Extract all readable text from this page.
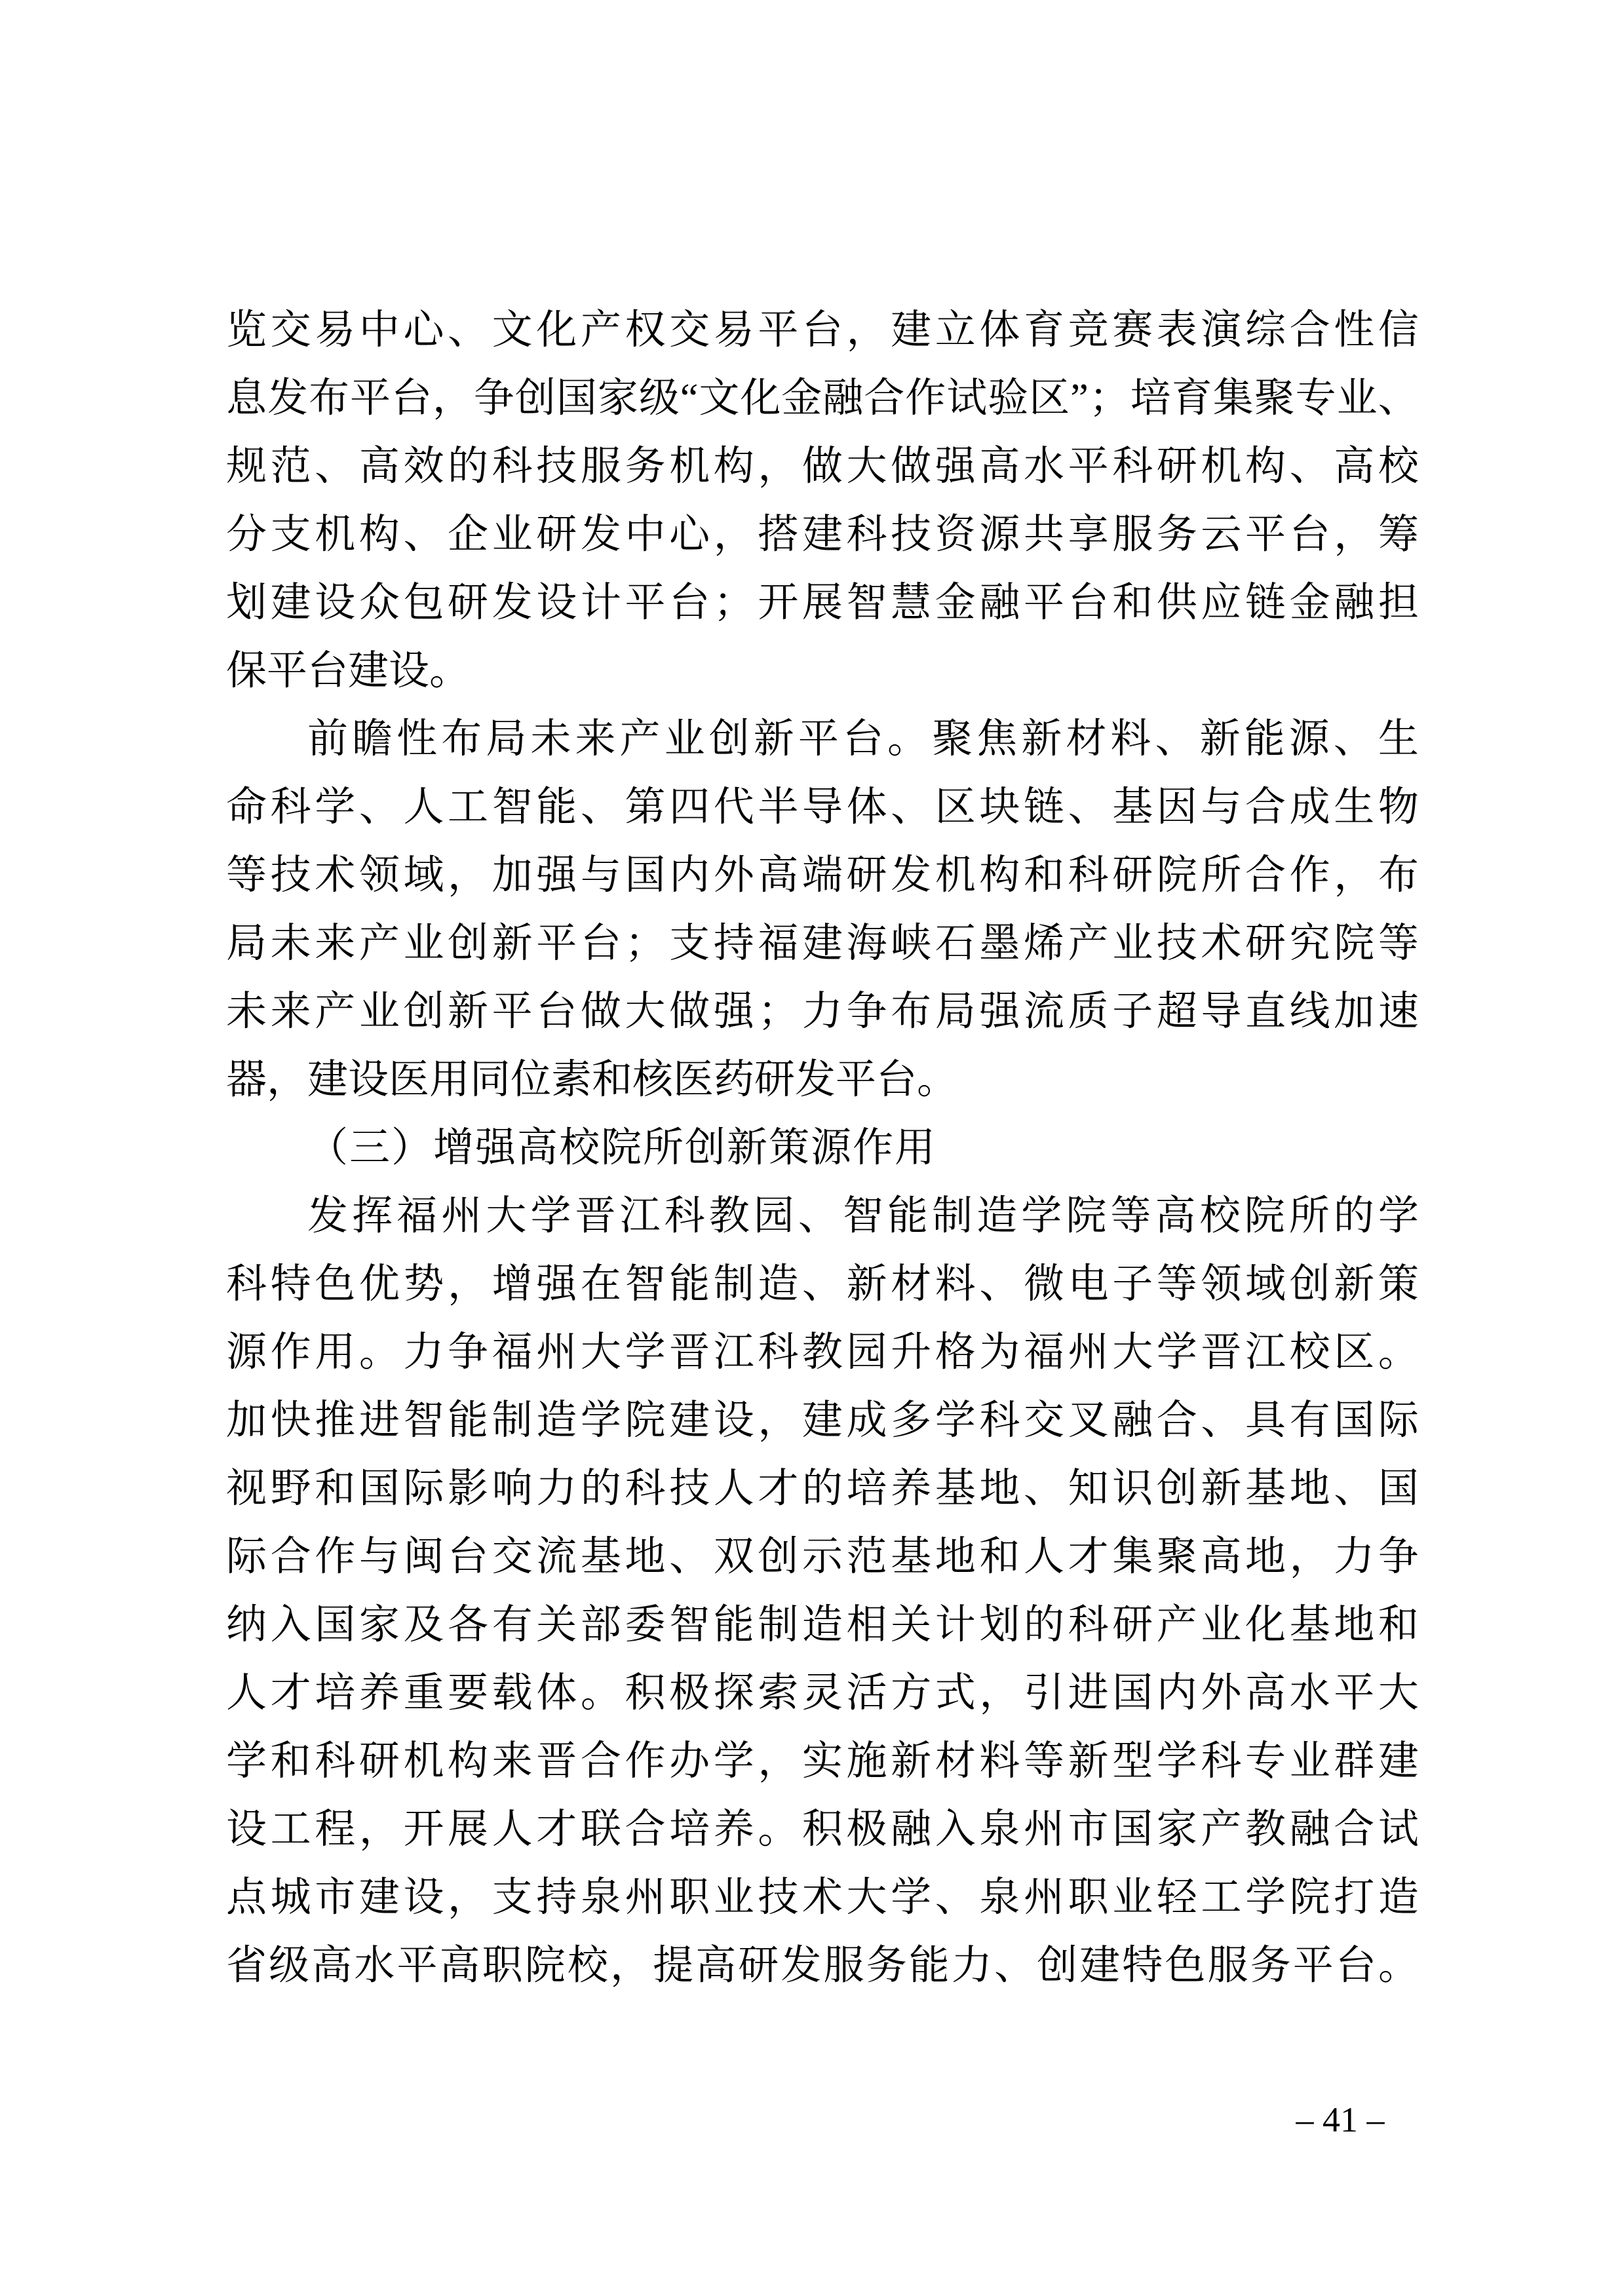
览 交 易 中 心 、 文 化 产 权 交 易 平 台 ， 建 立 体 育 竞 赛 表 演 综 合 性 信
息 发 布 平 台 ， 争 创 国 家 级 “ 文 化 金 融 合 作 试 验 区 ” ； 培 育 集 聚 专 业 、
规 范 、 高 效 的 科 技 服 务 机 构 ， 做 大 做 强 高 水 平 科 研 机 构 、 高 校
分 支 机 构 、 企 业 研 发 中 心 ， 搭 建 科 技 资 源 共 享 服 务 云 平 台 ， 筹
划 建 设 众 包 研 发 设 计 平 台 ； 开 展 智 慧 金 融 平 台 和 供 应 链 金 融 担
保平台建设。
前 瞻 性 布 局 未 来 产 业 创 新 平 台 。 聚 焦 新 材 料 、 新 能 源 、 生
命 科 学 、 人 工 智 能 、 第 四 代 半 导 体 、 区 块 链 、 基 因 与 合 成 生 物
等 技 术 领 域 ， 加 强 与 国 内 外 高 端 研 发 机 构 和 科 研 院 所 合 作 ， 布
局 未 来 产 业 创 新 平 台 ； 支 持 福 建 海 峡 石 墨 烯 产 业 技 术 研 究 院 等
未 来 产 业 创 新 平 台 做 大 做 强 ； 力 争 布 局 强 流 质 子 超 导 直 线 加 速
器，建设医用同位素和核医药研发平台。
（三）增强高校院所创新策源作用
发 挥 福 州 大 学 晋 江 科 教 园 、 智 能 制 造 学 院 等 高 校 院 所 的 学
科 特 色 优 势 ， 增 强 在 智 能 制 造 、 新 材 料 、 微 电 子 等 领 域 创 新 策
源 作 用 。 力 争 福 州 大 学 晋 江 科 教 园 升 格 为 福 州 大 学 晋 江 校 区 。
加 快 推 进 智 能 制 造 学 院 建 设 ， 建 成 多 学 科 交 叉 融 合 、 具 有 国 际
视 野 和 国 际 影 响 力 的 科 技 人 才 的 培 养 基 地 、 知 识 创 新 基 地 、 国
际 合 作 与 闽 台 交 流 基 地 、 双 创 示 范 基 地 和 人 才 集 聚 高 地 ， 力 争
纳 入 国 家 及 各 有 关 部 委 智 能 制 造 相 关 计 划 的 科 研 产 业 化 基 地 和
人 才 培 养 重 要 载 体 。 积 极 探 索 灵 活 方 式 ， 引 进 国 内 外 高 水 平 大
学 和 科 研 机 构 来 晋 合 作 办 学 ， 实 施 新 材 料 等 新 型 学 科 专 业 群 建
设 工 程 ， 开 展 人 才 联 合 培 养 。 积 极 融 入 泉 州 市 国 家 产 教 融 合 试
点 城 市 建 设 ， 支 持 泉 州 职 业 技 术 大 学 、 泉 州 职 业 轻 工 学 院 打 造
省 级 高 水 平 高 职 院 校 ， 提 高 研 发 服 务 能 力 、 创 建 特 色 服 务 平 台 。
– 41 –
